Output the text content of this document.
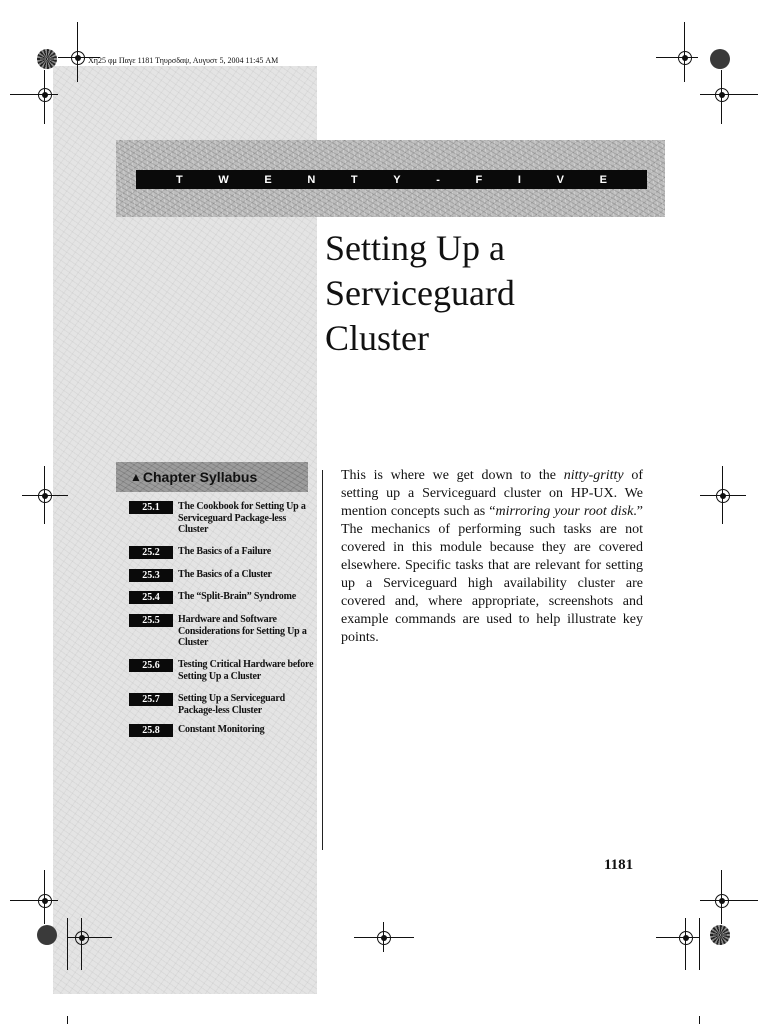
Xη25 φμ Παγε 1181 Τηυρσδαψ, Αυγυστ 5, 2004 11:45 AM
T	W	E	N	T	Y	-	F	I	V	E
Setting Up a
Serviceguard
Cluster
▲ Chapter Syllabus
25.1	The Cookbook for Setting Up a Serviceguard Package-less Cluster
25.2	The Basics of a Failure
25.3	The Basics of a Cluster
25.4	The “Split-Brain” Syndrome
25.5	Hardware and Software Considerations for Setting Up a Cluster
25.6	Testing Critical Hardware before Setting Up a Cluster
25.7	Setting Up a Serviceguard Package-less Cluster
25.8	Constant Monitoring

This is where we get down to the nitty-gritty of setting up a Serviceguard cluster on HP-UX. We mention concepts such as “mirroring your root disk.” The mechanics of performing such tasks are not covered in this module because they are covered elsewhere. Specific tasks that are relevant for setting up a Serviceguard high availability cluster are covered and, where appropriate, screenshots and example commands are used to help illustrate key points.

1181
